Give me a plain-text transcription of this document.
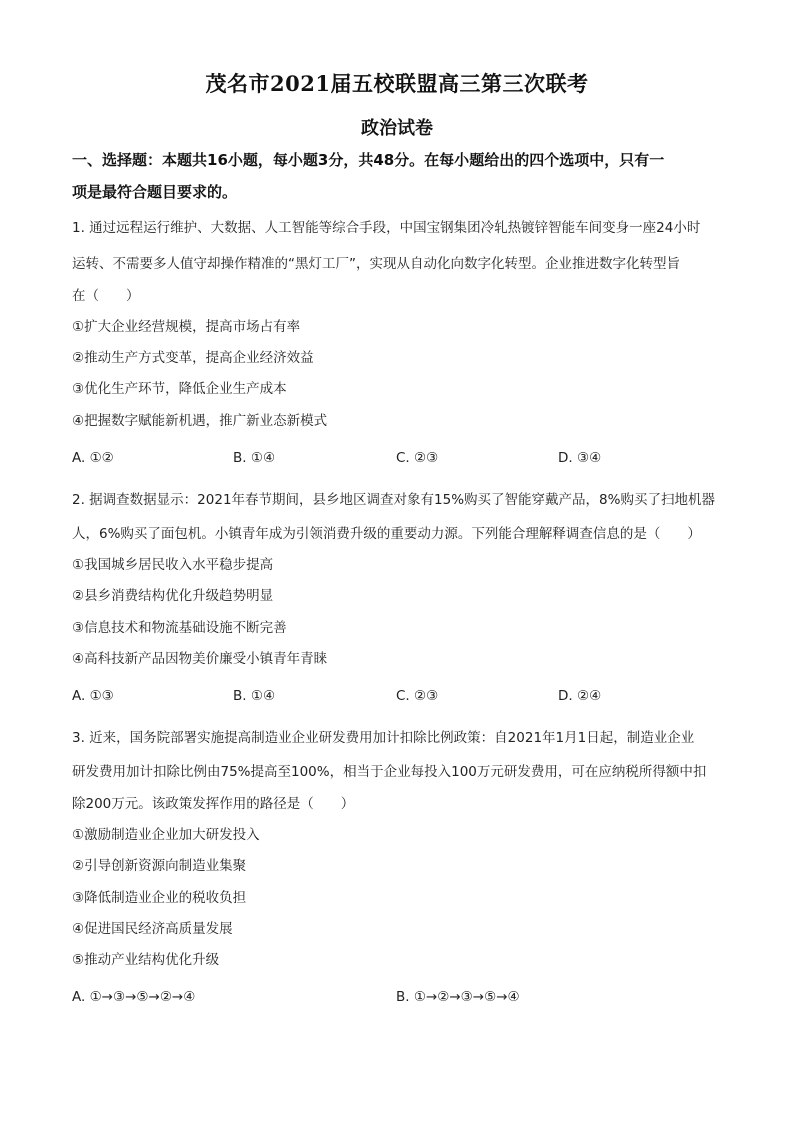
茂名市2021届五校联盟高三第三次联考
政治试卷
一、选择题：本题共16小题，每小题3分，共48分。在每小题给出的四个选项中，只有一
项是最符合题目要求的。
1. 通过远程运行维护、大数据、人工智能等综合手段，中国宝钢集团冷轧热镀锌智能车间变身一座24小时
运转、不需要多人值守却操作精准的“黑灯工厂”，实现从自动化向数字化转型。企业推进数字化转型旨
在（　　）
①扩大企业经营规模，提高市场占有率
②推动生产方式变革，提高企业经济效益
③优化生产环节，降低企业生产成本
④把握数字赋能新机遇，推广新业态新模式
A. ①②	B. ①④	C. ②③	D. ③④
2. 据调查数据显示：2021年春节期间，县乡地区调查对象有15%购买了智能穿戴产品，8%购买了扫地机器
人，6%购买了面包机。小镇青年成为引领消费升级的重要动力源。下列能合理解释调查信息的是（　　）
①我国城乡居民收入水平稳步提高
②县乡消费结构优化升级趋势明显
③信息技术和物流基础设施不断完善
④高科技新产品因物美价廉受小镇青年青睐
A. ①③	B. ①④	C. ②③	D. ②④
3. 近来，国务院部署实施提高制造业企业研发费用加计扣除比例政策：自2021年1月1日起，制造业企业
研发费用加计扣除比例由75%提高至100%，相当于企业每投入100万元研发费用，可在应纳税所得额中扣
除200万元。该政策发挥作用的路径是（　　）
①激励制造业企业加大研发投入
②引导创新资源向制造业集聚
③降低制造业企业的税收负担
④促进国民经济高质量发展
⑤推动产业结构优化升级
A. ①→③→⑤→②→④	B. ①→②→③→⑤→④
